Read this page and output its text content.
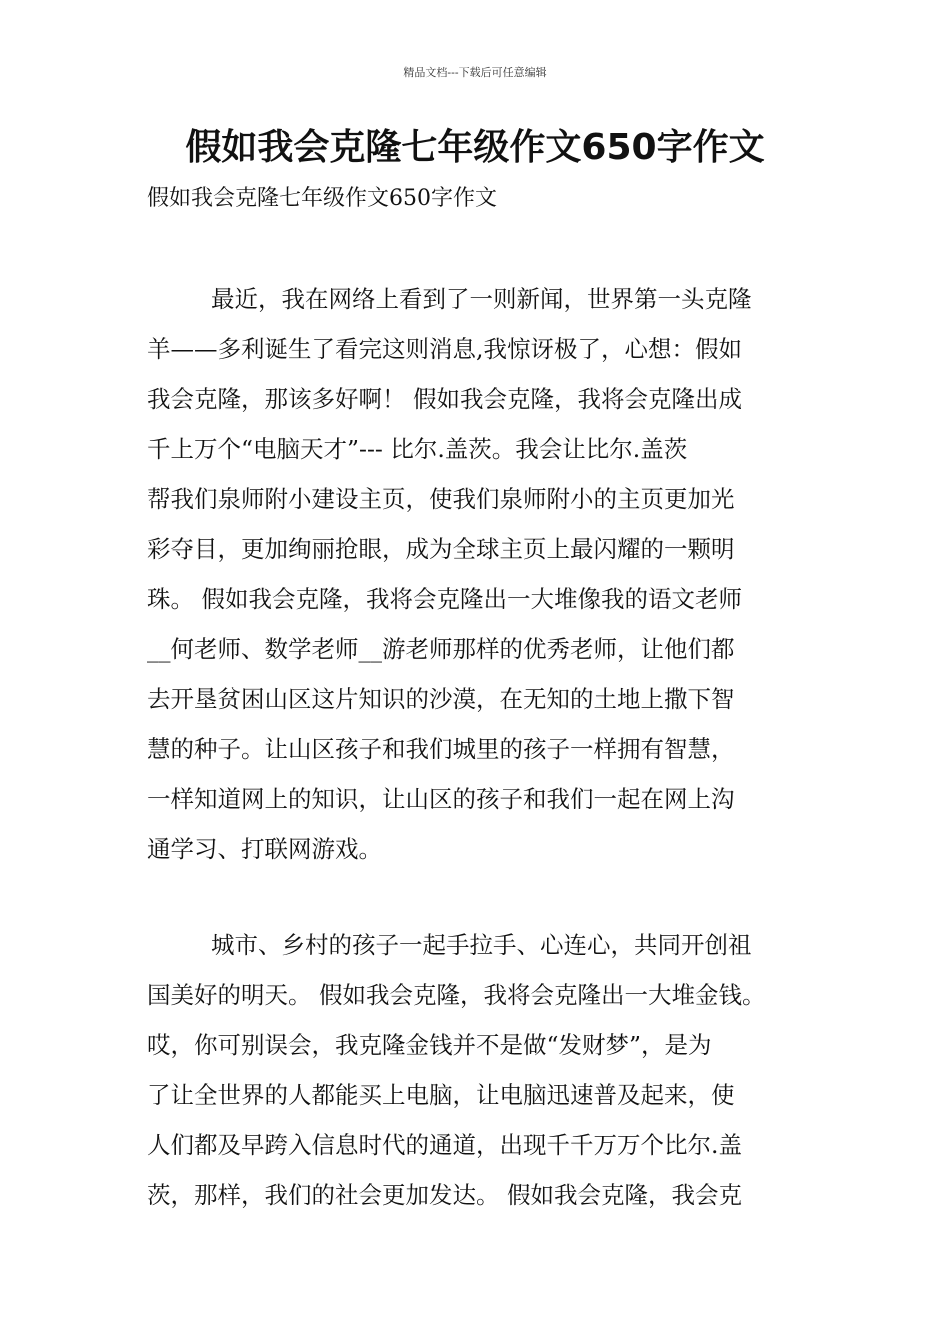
精品文档---下载后可任意编辑
假如我会克隆七年级作文650字作文

假如我会克隆七年级作文650字作文

最近，我在网络上看到了一则新闻，世界第一头克隆
羊——多利诞生了看完这则消息,我惊讶极了，心想：假如
我会克隆，那该多好啊！ 假如我会克隆，我将会克隆出成
千上万个“电脑天才”--- 比尔.盖茨。我会让比尔.盖茨
帮我们泉师附小建设主页，使我们泉师附小的主页更加光
彩夺目，更加绚丽抢眼，成为全球主页上最闪耀的一颗明
珠。 假如我会克隆，我将会克隆出一大堆像我的语文老师
__何老师、数学老师__游老师那样的优秀老师，让他们都
去开垦贫困山区这片知识的沙漠，在无知的土地上撒下智
慧的种子。让山区孩子和我们城里的孩子一样拥有智慧，
一样知道网上的知识，让山区的孩子和我们一起在网上沟
通学习、打联网游戏。
城市、乡村的孩子一起手拉手、心连心，共同开创祖
国美好的明天。 假如我会克隆，我将会克隆出一大堆金钱。
哎，你可别误会，我克隆金钱并不是做“发财梦”，是为
了让全世界的人都能买上电脑，让电脑迅速普及起来，使
人们都及早跨入信息时代的通道，出现千千万万个比尔.盖
茨，那样，我们的社会更加发达。 假如我会克隆，我会克
